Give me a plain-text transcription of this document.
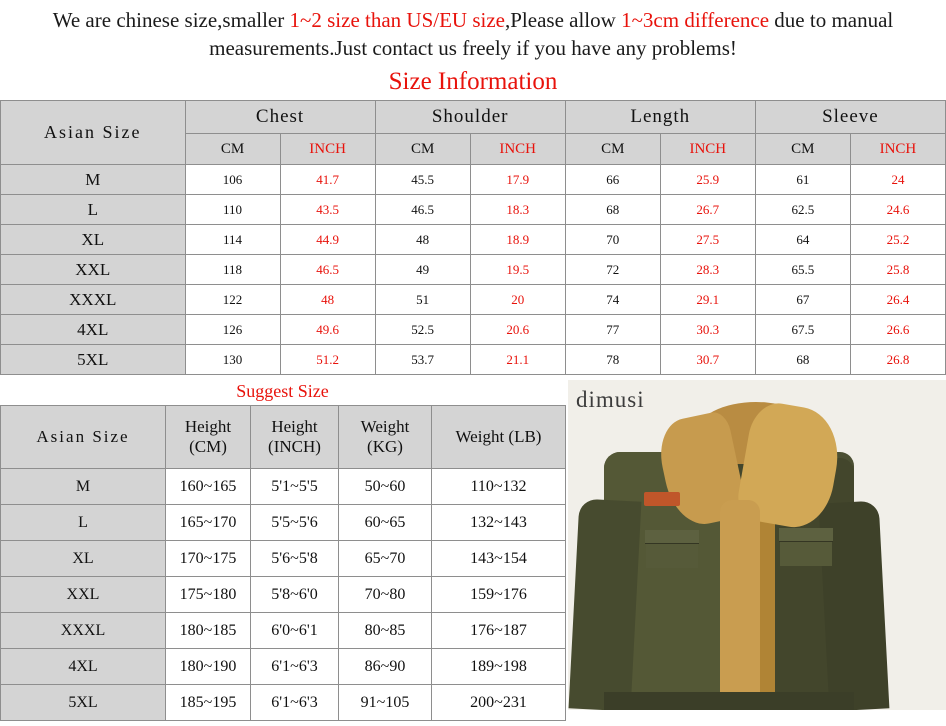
We are chinese size,smaller 1~2 size than US/EU size,Please allow 1~3cm difference due to manual measurements.Just contact us freely if you have any problems!
Size Information
Asian Size	Chest		Shoulder		Length		Sleeve	
	CM	INCH	CM	INCH	CM	INCH	CM	INCH
M	106	41.7	45.5	17.9	66	25.9	61	24
L	110	43.5	46.5	18.3	68	26.7	62.5	24.6
XL	114	44.9	48	18.9	70	27.5	64	25.2
XXL	118	46.5	49	19.5	72	28.3	65.5	25.8
XXXL	122	48	51	20	74	29.1	67	26.4
4XL	126	49.6	52.5	20.6	77	30.3	67.5	26.6
5XL	130	51.2	53.7	21.1	78	30.7	68	26.8
Suggest Size
Asian Size	Height (CM)	Height (INCH)	Weight (KG)	Weight (LB)
M	160~165	5'1~5'5	50~60	110~132
L	165~170	5'5~5'6	60~65	132~143
XL	170~175	5'6~5'8	65~70	143~154
XXL	175~180	5'8~6'0	70~80	159~176
XXXL	180~185	6'0~6'1	80~85	176~187
4XL	180~190	6'1~6'3	86~90	189~198
5XL	185~195	6'1~6'3	91~105	200~231
dimusi
